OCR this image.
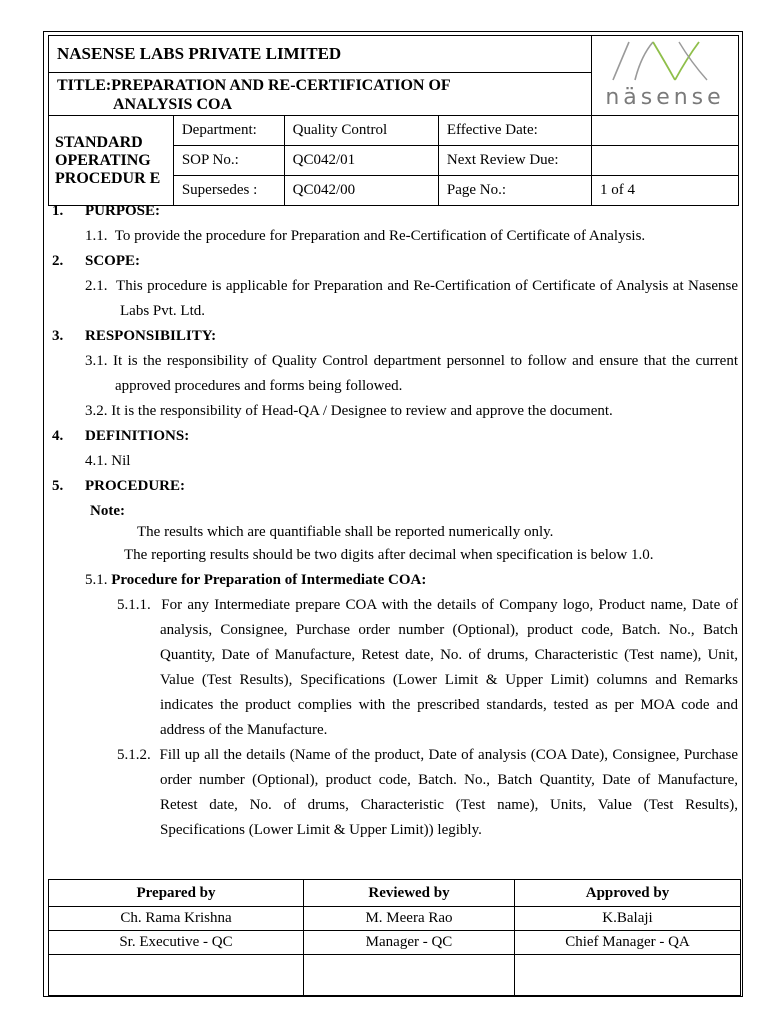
NASENSE LABS PRIVATE LIMITED				näsense

TITLE:PREPARATION AND RE-CERTIFICATION OF
ANALYSIS COA				
STANDARD OPERATING PROCEDUR E	Department:	Quality Control	Effective Date:	
	SOP No.:	QC042/01	Next Review Due:	
	Supersedes :	QC042/00	Page No.:	1 of 4
1.	PURPOSE:
1.1. To provide the procedure for Preparation and Re-Certification of Certificate of Analysis.
2.	SCOPE:
2.1. This procedure is applicable for Preparation and Re-Certification of Certificate of Analysis at Nasense Labs Pvt. Ltd.
3.	RESPONSIBILITY:
3.1. It is the responsibility of Quality Control department personnel to follow and ensure that the current approved procedures and forms being followed.
3.2. It is the responsibility of Head-QA / Designee to review and approve the document.
4.	DEFINITIONS:
4.1. Nil
5.	PROCEDURE:
Note:
The results which are quantifiable shall be reported numerically only.
The reporting results should be two digits after decimal when specification is below 1.0.
5.1. Procedure for Preparation of Intermediate COA:
5.1.1. For any Intermediate prepare COA with the details of Company logo, Product name, Date of analysis, Consignee, Purchase order number (Optional), product code, Batch. No., Batch Quantity, Date of Manufacture, Retest date, No. of drums, Characteristic (Test name), Unit, Value (Test Results), Specifications (Lower Limit & Upper Limit) columns and Remarks indicates the product complies with the prescribed standards, tested as per MOA code and address of the Manufacture.
5.1.2. Fill up all the details (Name of the product, Date of analysis (COA Date), Consignee, Purchase order number (Optional), product code, Batch. No., Batch Quantity, Date of Manufacture, Retest date, No. of drums, Characteristic (Test name), Units, Value (Test Results), Specifications (Lower Limit & Upper Limit)) legibly.
Prepared by	Reviewed by	Approved by
Ch. Rama Krishna	M. Meera Rao	K.Balaji
Sr. Executive - QC	Manager - QC	Chief Manager - QA
